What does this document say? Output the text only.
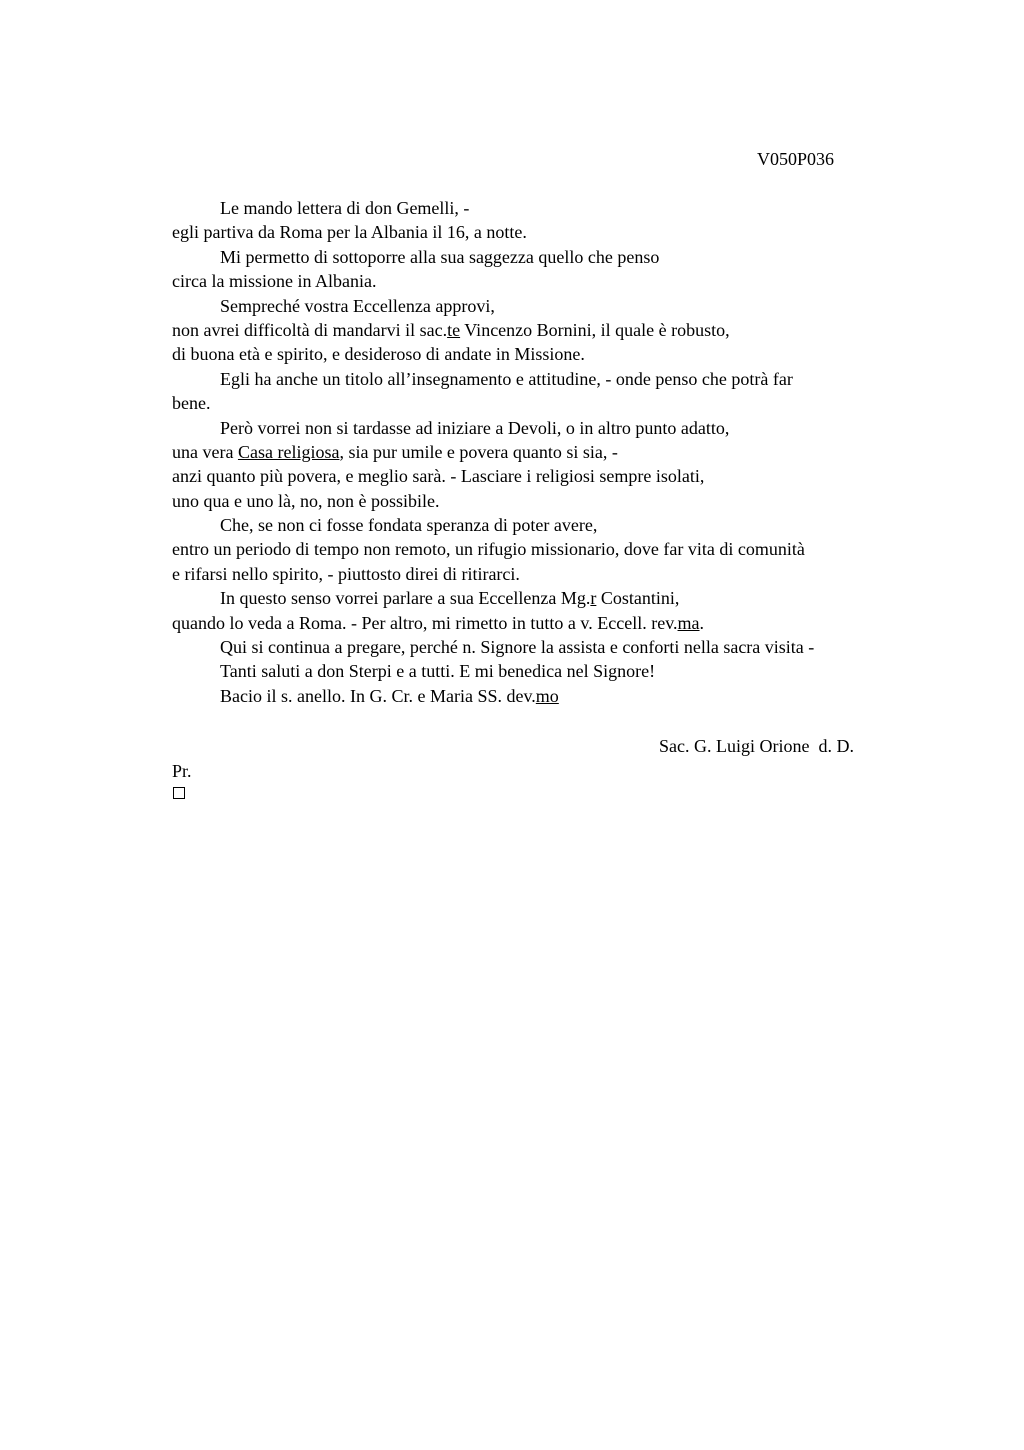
V050P036
Le mando lettera di don Gemelli, -
egli partiva da Roma per la Albania il 16, a notte.
Mi permetto di sottoporre alla sua saggezza quello che penso
circa la missione in Albania.
Sempreché vostra Eccellenza approvi,
non avrei difficoltà di mandarvi il sac.te Vincenzo Bornini, il quale è robusto,
di buona età e spirito, e desideroso di andate in Missione.
Egli ha anche un titolo all’insegnamento e attitudine, - onde penso che potrà far
bene.
Però vorrei non si tardasse ad iniziare a Devoli, o in altro punto adatto,
una vera Casa religiosa, sia pur umile e povera quanto si sia, -
anzi quanto più povera, e meglio sarà. - Lasciare i religiosi sempre isolati,
uno qua e uno là, no, non è possibile.
Che, se non ci fosse fondata speranza di poter avere,
entro un periodo di tempo non remoto, un rifugio missionario, dove far vita di comunità
e rifarsi nello spirito, - piuttosto direi di ritirarci.
In questo senso vorrei parlare a sua Eccellenza Mg.r Costantini,
quando lo veda a Roma. - Per altro, mi rimetto in tutto a v. Eccell. rev.ma.
Qui si continua a pregare, perché n. Signore la assista e conforti nella sacra visita -
Tanti saluti a don Sterpi e a tutti. E mi benedica nel Signore!
Bacio il s. anello. In G. Cr. e Maria SS. dev.mo
Sac. G. Luigi Orione  d. D.
Pr.
